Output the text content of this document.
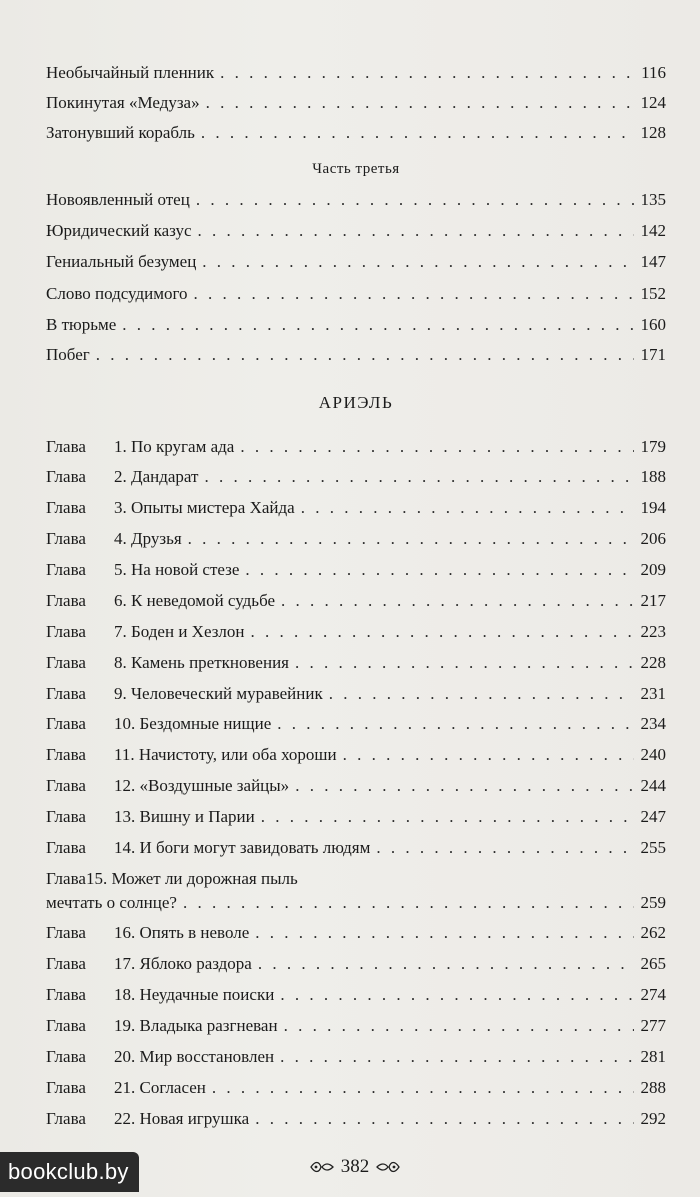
Необычайный пленник . . .	116
Покинутая «Медуза» . . .	124
Затонувший корабль . . .	128
Часть третья
Новоявленный отец . . .	135
Юридический казус . . .	142
Гениальный безумец . . .	147
Слово подсудимого . . .	152
В тюрьме . . .	160
Побег . . .	171
АРИЭЛЬ
Глава 1. По кругам ада . . .	179
Глава 2. Дандарат . . .	188
Глава 3. Опыты мистера Хайда . . .	194
Глава 4. Друзья . . .	206
Глава 5. На новой стезе . . .	209
Глава 6. К неведомой судьбе . . .	217
Глава 7. Боден и Хезлон . . .	223
Глава 8. Камень преткновения . . .	228
Глава 9. Человеческий муравейник . . .	231
Глава 10. Бездомные нищие . . .	234
Глава 11. Начистоту, или оба хороши . . .	240
Глава 12. «Воздушные зайцы» . . .	244
Глава 13. Вишну и Парии . . .	247
Глава 14. И боги могут завидовать людям . . .	255
Глава15. Может ли дорожная пыль
мечтать о солнце? . . .	259
Глава 16. Опять в неволе . . .	262
Глава 17. Яблоко раздора . . .	265
Глава 18. Неудачные поиски . . .	274
Глава 19. Владыка разгневан . . .	277
Глава 20. Мир восстановлен . . .	281
Глава 21. Согласен . . .	288
Глава 22. Новая игрушка . . .	292
382
bookclub.by
